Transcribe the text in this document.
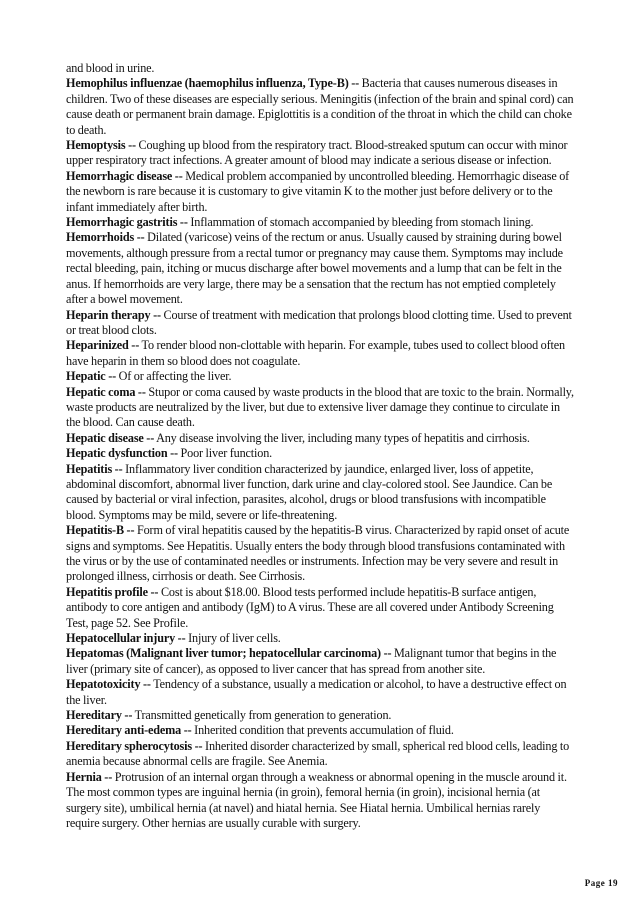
and blood in urine.

Hemophilus influenzae (haemophilus influenza, Type-B) -- Bacteria that causes numerous diseases in children. Two of these diseases are especially serious. Meningitis (infection of the brain and spinal cord) can cause death or permanent brain damage. Epiglottitis is a condition of the throat in which the child can choke to death.

Hemoptysis -- Coughing up blood from the respiratory tract. Blood-streaked sputum can occur with minor upper respiratory tract infections. A greater amount of blood may indicate a serious disease or infection.

Hemorrhagic disease -- Medical problem accompanied by uncontrolled bleeding. Hemorrhagic disease of the newborn is rare because it is customary to give vitamin K to the mother just before delivery or to the infant immediately after birth.

Hemorrhagic gastritis -- Inflammation of stomach accompanied by bleeding from stomach lining.

Hemorrhoids -- Dilated (varicose) veins of the rectum or anus. Usually caused by straining during bowel movements, although pressure from a rectal tumor or pregnancy may cause them. Symptoms may include rectal bleeding, pain, itching or mucus discharge after bowel movements and a lump that can be felt in the anus. If hemorrhoids are very large, there may be a sensation that the rectum has not emptied completely after a bowel movement.

Heparin therapy -- Course of treatment with medication that prolongs blood clotting time. Used to prevent or treat blood clots.

Heparinized -- To render blood non-clottable with heparin. For example, tubes used to collect blood often have heparin in them so blood does not coagulate.

Hepatic -- Of or affecting the liver.

Hepatic coma -- Stupor or coma caused by waste products in the blood that are toxic to the brain. Normally, waste products are neutralized by the liver, but due to extensive liver damage they continue to circulate in the blood. Can cause death.

Hepatic disease -- Any disease involving the liver, including many types of hepatitis and cirrhosis.

Hepatic dysfunction -- Poor liver function.

Hepatitis -- Inflammatory liver condition characterized by jaundice, enlarged liver, loss of appetite, abdominal discomfort, abnormal liver function, dark urine and clay-colored stool. See Jaundice. Can be caused by bacterial or viral infection, parasites, alcohol, drugs or blood transfusions with incompatible blood. Symptoms may be mild, severe or life-threatening.

Hepatitis-B -- Form of viral hepatitis caused by the hepatitis-B virus. Characterized by rapid onset of acute signs and symptoms. See Hepatitis. Usually enters the body through blood transfusions contaminated with the virus or by the use of contaminated needles or instruments. Infection may be very severe and result in prolonged illness, cirrhosis or death. See Cirrhosis.

Hepatitis profile -- Cost is about $18.00. Blood tests performed include hepatitis-B surface antigen, antibody to core antigen and antibody (IgM) to A virus. These are all covered under Antibody Screening Test, page 52. See Profile.

Hepatocellular injury -- Injury of liver cells.

Hepatomas (Malignant liver tumor; hepatocellular carcinoma) -- Malignant tumor that begins in the liver (primary site of cancer), as opposed to liver cancer that has spread from another site.

Hepatotoxicity -- Tendency of a substance, usually a medication or alcohol, to have a destructive effect on the liver.

Hereditary -- Transmitted genetically from generation to generation.

Hereditary anti-edema -- Inherited condition that prevents accumulation of fluid.

Hereditary spherocytosis -- Inherited disorder characterized by small, spherical red blood cells, leading to anemia because abnormal cells are fragile. See Anemia.

Hernia -- Protrusion of an internal organ through a weakness or abnormal opening in the muscle around it. The most common types are inguinal hernia (in groin), femoral hernia (in groin), incisional hernia (at surgery site), umbilical hernia (at navel) and hiatal hernia. See Hiatal hernia. Umbilical hernias rarely require surgery. Other hernias are usually curable with surgery.

Page 19
